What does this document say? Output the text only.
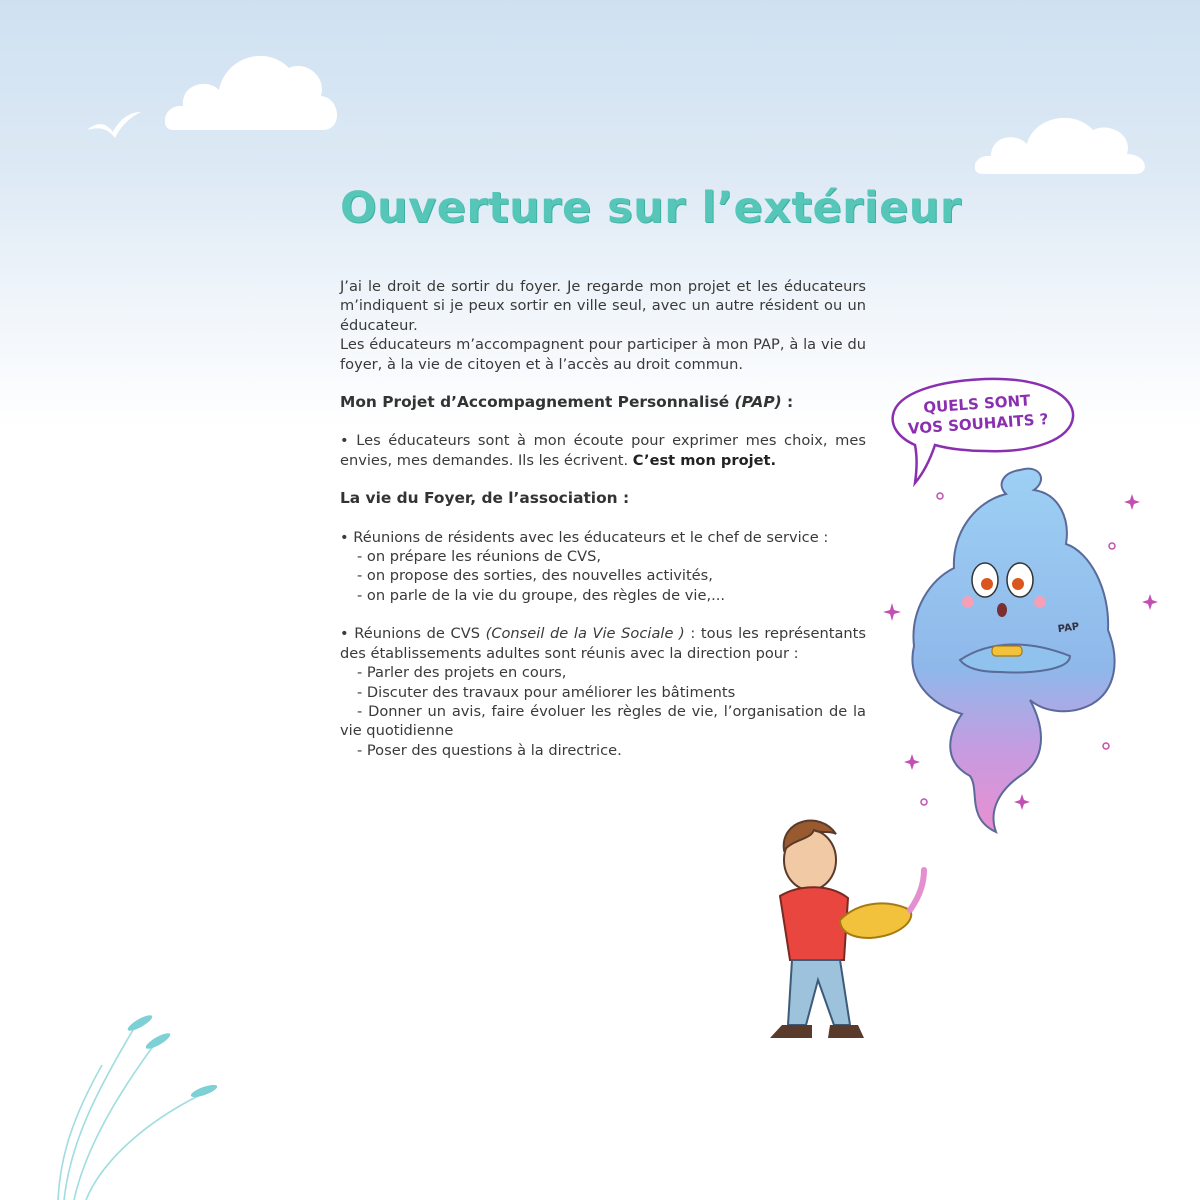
Ouverture sur l’extérieur

J’ai le droit de sortir du foyer. Je regarde mon projet et les éducateurs m’indiquent si je peux sortir en ville seul, avec un autre résident ou un éducateur.

Les éducateurs m’accompagnent pour participer à mon PAP, à la vie du foyer, à la vie de citoyen et à l’accès au droit commun.

Mon Projet d’Accompagnement Personnalisé (PAP) :

• Les éducateurs sont à mon écoute pour exprimer mes choix, mes envies, mes demandes. Ils les écrivent. C’est mon projet.

La vie du Foyer, de l’association :

• Réunions de résidents avec les éducateurs et le chef de service :

- on prépare les réunions de CVS,

- on propose des sorties, des nouvelles activités,

- on parle de la vie du groupe, des règles de vie,...

• Réunions de CVS (Conseil de la Vie Sociale ) : tous les représentants des établissements adultes sont réunis avec la direction pour :

- Parler des projets en cours,

- Discuter des travaux pour améliorer les bâtiments

- Donner un avis, faire évoluer les règles de vie, l’organisation de la vie quotidienne

- Poser des questions à la directrice.

QUELS SONT
VOS SOUHAITS ?
PAP
